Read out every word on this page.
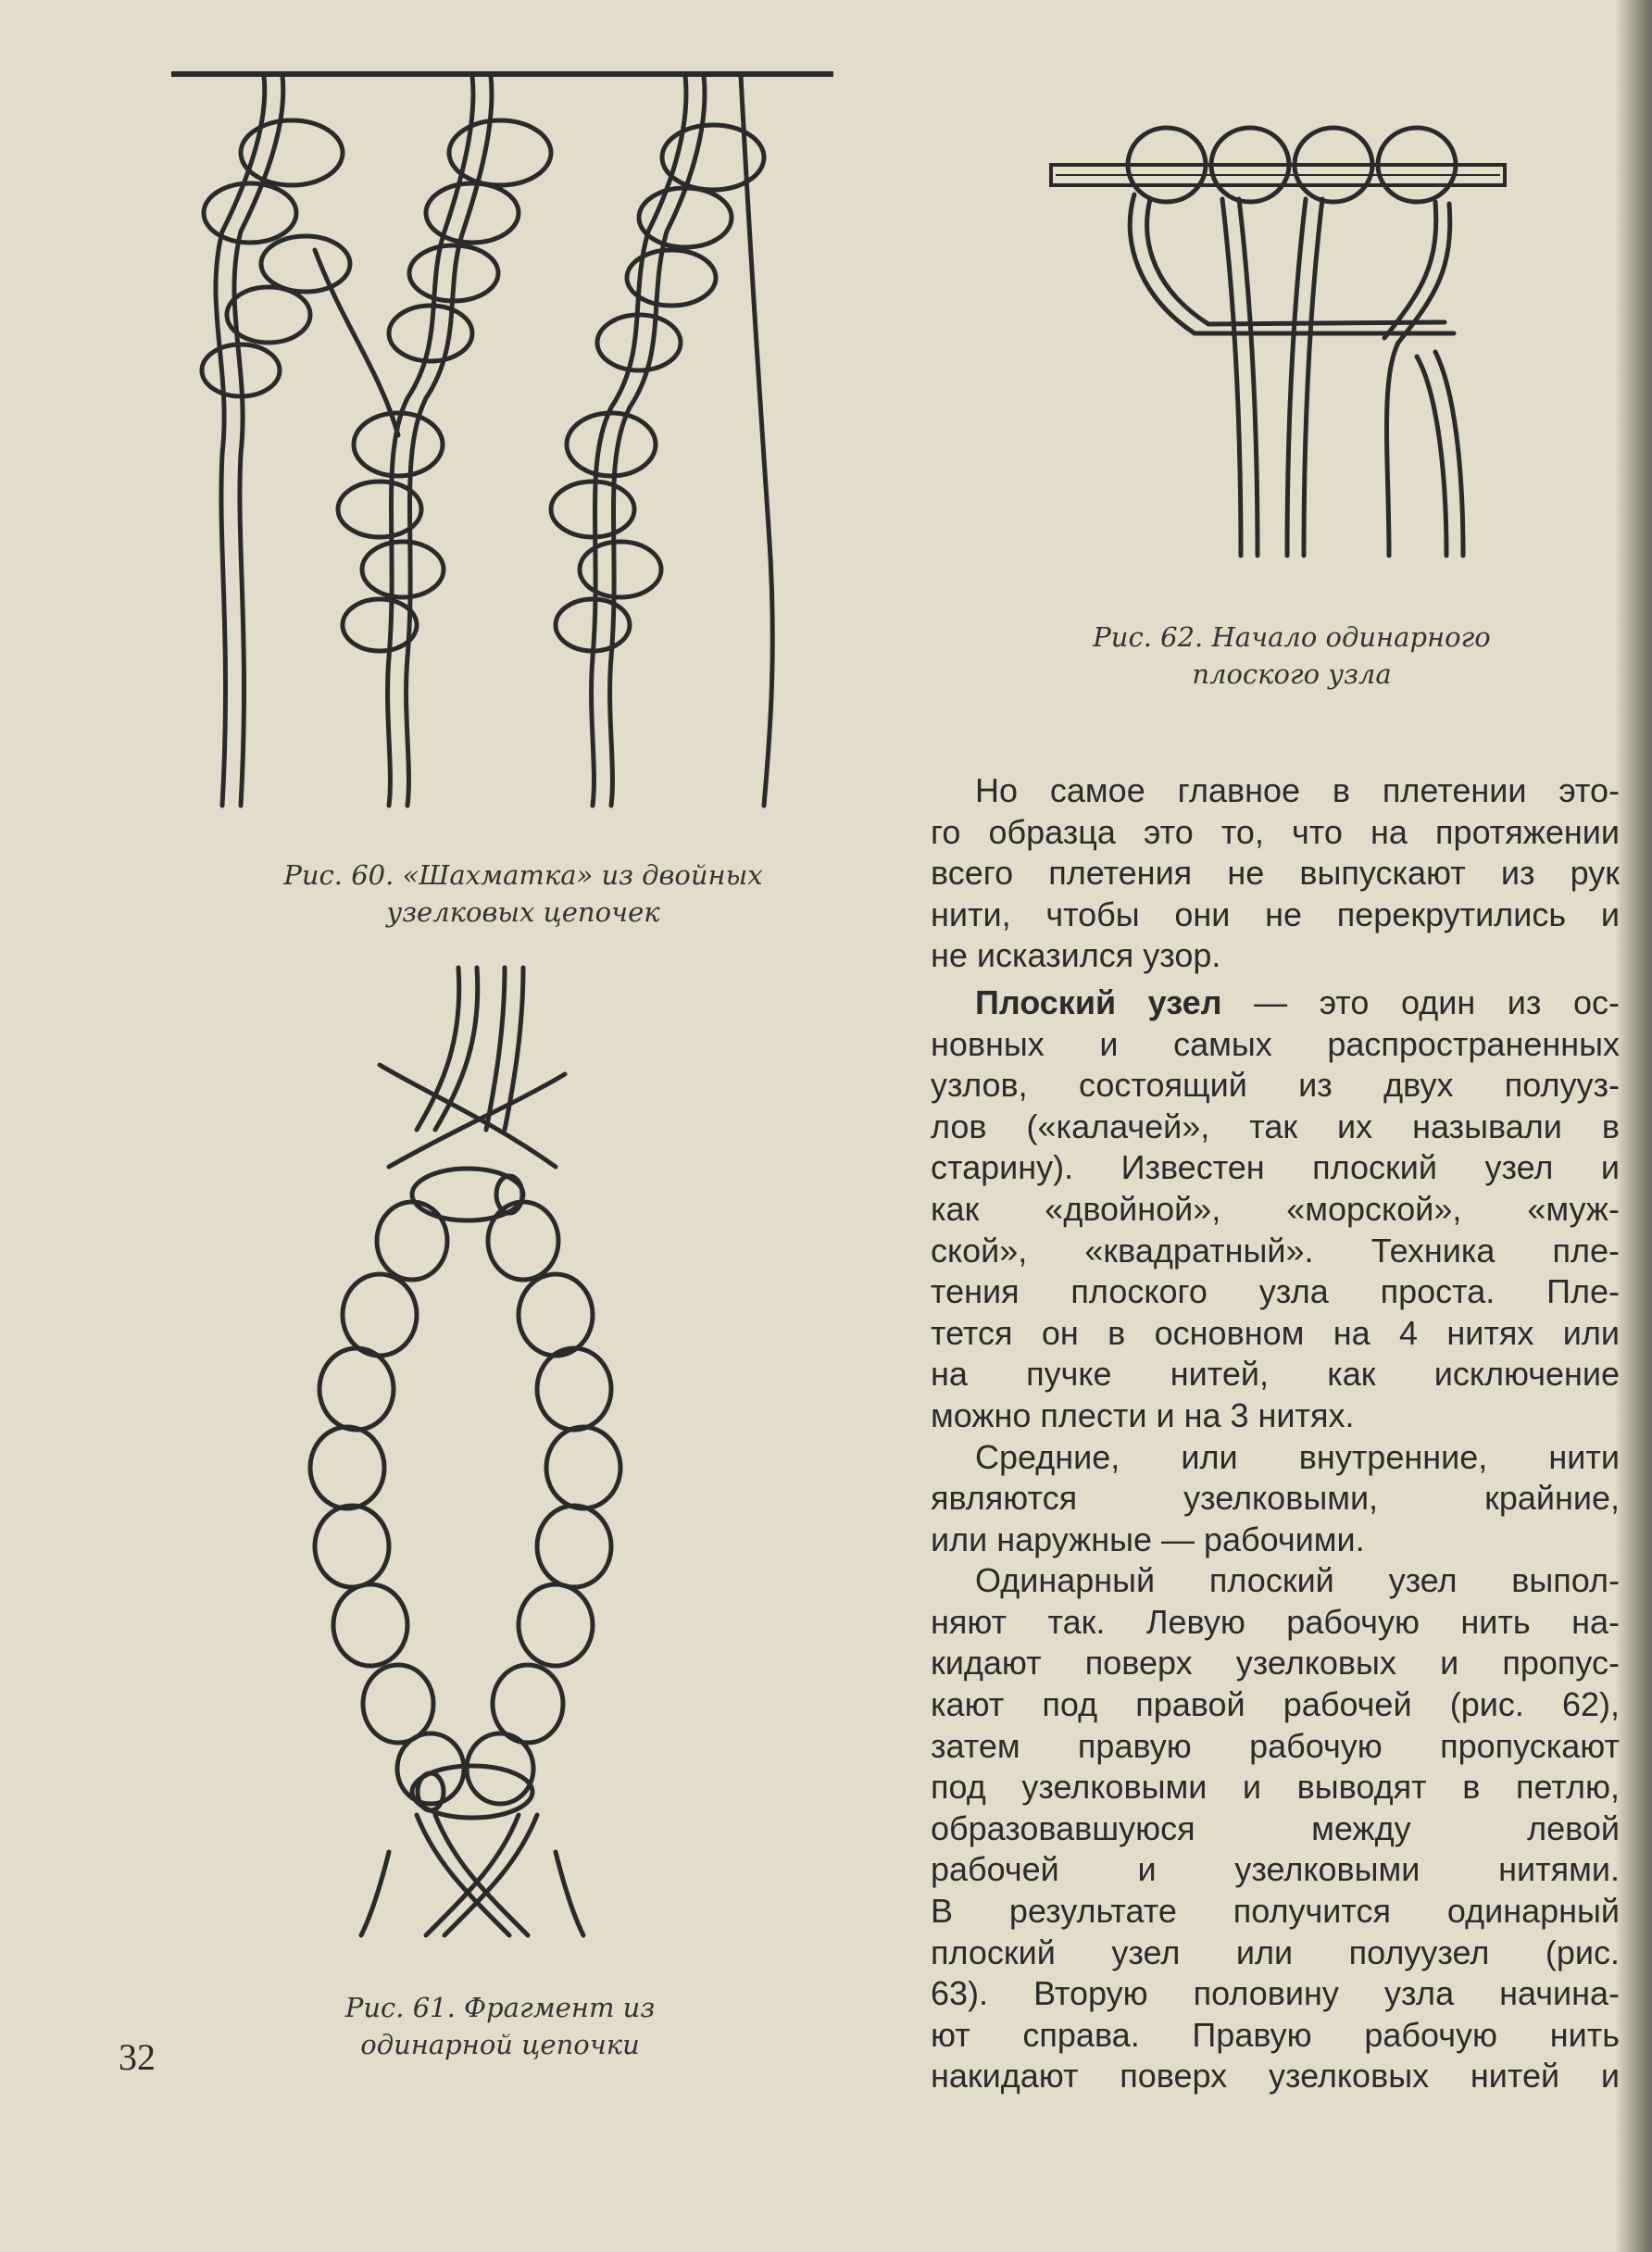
Рис. 60. «Шахматка» из двойных
узелковых цепочек
Рис. 61. Фрагмент из
одинарной цепочки
Рис. 62. Начало одинарного
плоского узла

Но самое главное в плетении это-
го образца это то, что на протяжении
всего плетения не выпускают из рук
нити, чтобы они не перекрутились и
не исказился узор.

Плоский узел — это один из ос-
новных и самых распространенных
узлов, состоящий из двух полууз-
лов («калачей», так их называли в
старину). Известен плоский узел и
как «двойной», «морской», «муж-
ской», «квадратный». Техника пле-
тения плоского узла проста. Пле-
тется он в основном на 4 нитях или
на пучке нитей, как исключение
можно плести и на 3 нитях.

Средние, или внутренние, нити
являются узелковыми, крайние,
или наружные — рабочими.

Одинарный плоский узел выпол-
няют так. Левую рабочую нить на-
кидают поверх узелковых и пропус-
кают под правой рабочей (рис. 62),
затем правую рабочую пропускают
под узелковыми и выводят в петлю,
образовавшуюся между левой
рабочей и узелковыми нитями.
В результате получится одинарный
плоский узел или полуузел (рис.
63). Вторую половину узла начина-
ют справа. Правую рабочую нить
накидают поверх узелковых нитей и

32
